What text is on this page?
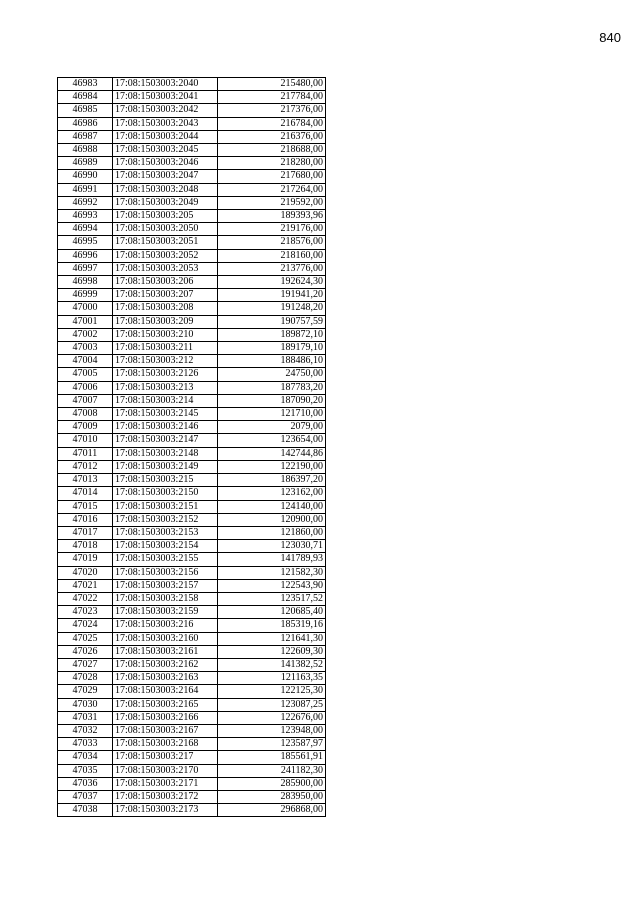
840
46983	17:08:1503003:2040	215480,00
46984	17:08:1503003:2041	217784,00
46985	17:08:1503003:2042	217376,00
46986	17:08:1503003:2043	216784,00
46987	17:08:1503003:2044	216376,00
46988	17:08:1503003:2045	218688,00
46989	17:08:1503003:2046	218280,00
46990	17:08:1503003:2047	217680,00
46991	17:08:1503003:2048	217264,00
46992	17:08:1503003:2049	219592,00
46993	17:08:1503003:205	189393,96
46994	17:08:1503003:2050	219176,00
46995	17:08:1503003:2051	218576,00
46996	17:08:1503003:2052	218160,00
46997	17:08:1503003:2053	213776,00
46998	17:08:1503003:206	192624,30
46999	17:08:1503003:207	191941,20
47000	17:08:1503003:208	191248,20
47001	17:08:1503003:209	190757,59
47002	17:08:1503003:210	189872,10
47003	17:08:1503003:211	189179,10
47004	17:08:1503003:212	188486,10
47005	17:08:1503003:2126	24750,00
47006	17:08:1503003:213	187783,20
47007	17:08:1503003:214	187090,20
47008	17:08:1503003:2145	121710,00
47009	17:08:1503003:2146	2079,00
47010	17:08:1503003:2147	123654,00
47011	17:08:1503003:2148	142744,86
47012	17:08:1503003:2149	122190,00
47013	17:08:1503003:215	186397,20
47014	17:08:1503003:2150	123162,00
47015	17:08:1503003:2151	124140,00
47016	17:08:1503003:2152	120900,00
47017	17:08:1503003:2153	121860,00
47018	17:08:1503003:2154	123030,71
47019	17:08:1503003:2155	141789,93
47020	17:08:1503003:2156	121582,30
47021	17:08:1503003:2157	122543,90
47022	17:08:1503003:2158	123517,52
47023	17:08:1503003:2159	120685,40
47024	17:08:1503003:216	185319,16
47025	17:08:1503003:2160	121641,30
47026	17:08:1503003:2161	122609,30
47027	17:08:1503003:2162	141382,52
47028	17:08:1503003:2163	121163,35
47029	17:08:1503003:2164	122125,30
47030	17:08:1503003:2165	123087,25
47031	17:08:1503003:2166	122676,00
47032	17:08:1503003:2167	123948,00
47033	17:08:1503003:2168	123587,97
47034	17:08:1503003:217	185561,91
47035	17:08:1503003:2170	241182,30
47036	17:08:1503003:2171	285900,00
47037	17:08:1503003:2172	283950,00
47038	17:08:1503003:2173	296868,00
